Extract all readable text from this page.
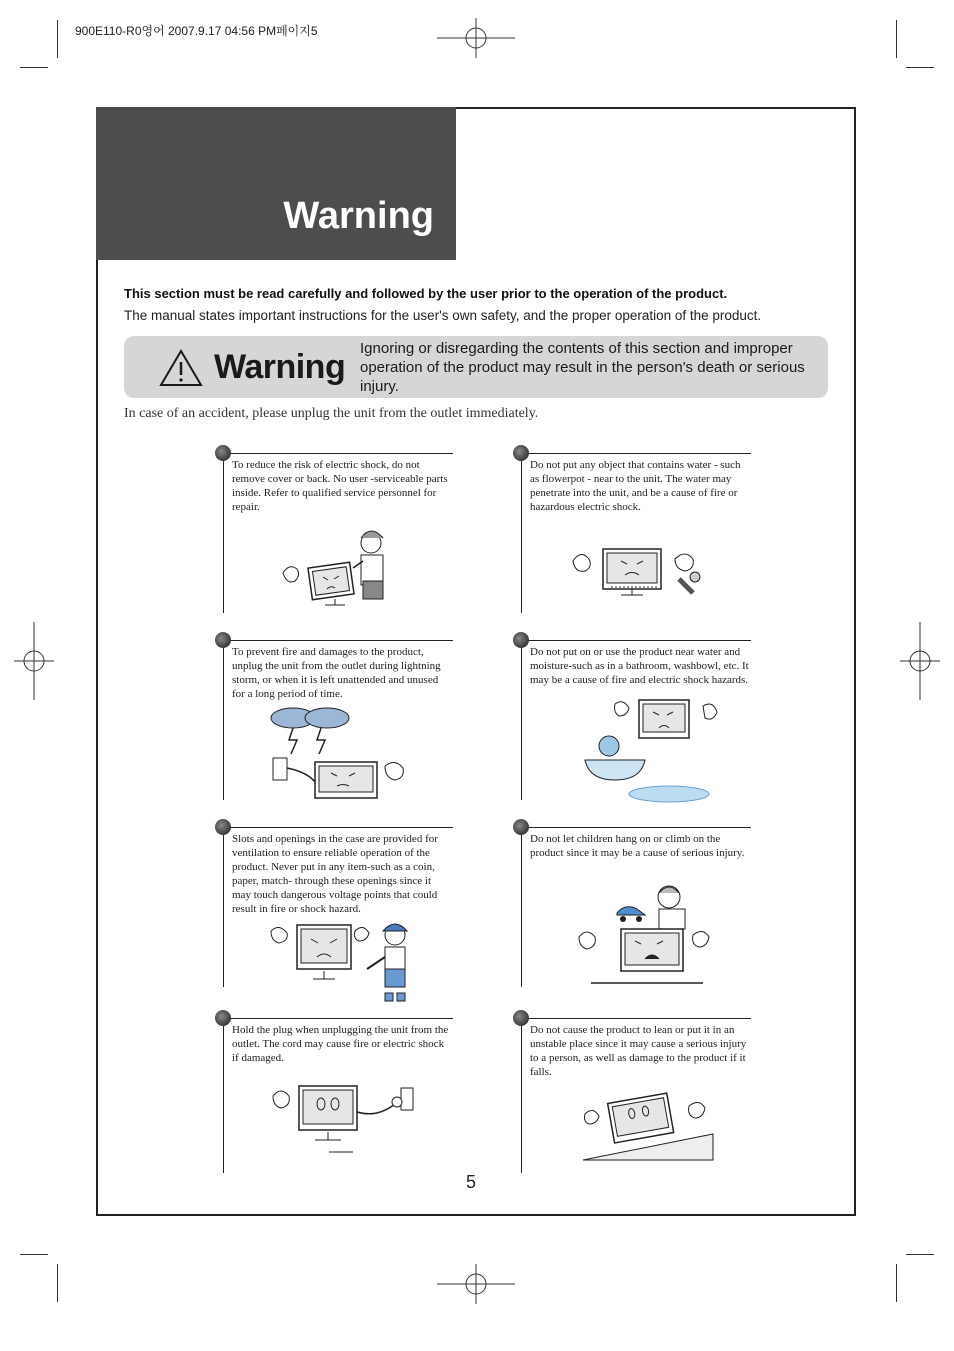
900E110-R0영어 2007.9.17 04:56 PM페이지5
Warning
This section must be read carefully and followed by the user prior to the operation of the product.
The manual states important instructions for the user's own safety, and the proper operation of the product.
Warning Ignoring or disregarding the contents of this section and improper operation of the product may result in the person's death or serious injury.
In case of an accident, please unplug the unit from the outlet immediately.
To reduce the risk of electric shock, do not remove cover or back. No user -serviceable parts inside. Refer to qualified service personnel for repair.
Do not put any object that contains water - such as flowerpot - near to the unit. The water may penetrate into the unit, and be a cause of fire or hazardous electric shock.
To prevent fire and damages to the product, unplug the unit from the outlet during lightning storm, or when it is left unattended and unused for a long period of time.
Do not put on or use the product near water and moisture-such as in a bathroom, washbowl, etc. It may be a cause of fire and electric shock hazards.
Slots and openings in the case are provided for ventilation to ensure reliable operation of the product. Never put in any item-such as a coin, paper, match- through these openings since it may touch dangerous voltage points that could result in fire or shock hazard.
Do not let children hang on or climb on the product since it may be a cause of serious injury.
Hold the plug when unplugging the unit from the outlet. The cord may cause fire or electric shock if damaged.
Do not cause the product to lean or put it in an unstable place since it may cause a serious injury to a person, as well as damage to the product if it falls.
5
